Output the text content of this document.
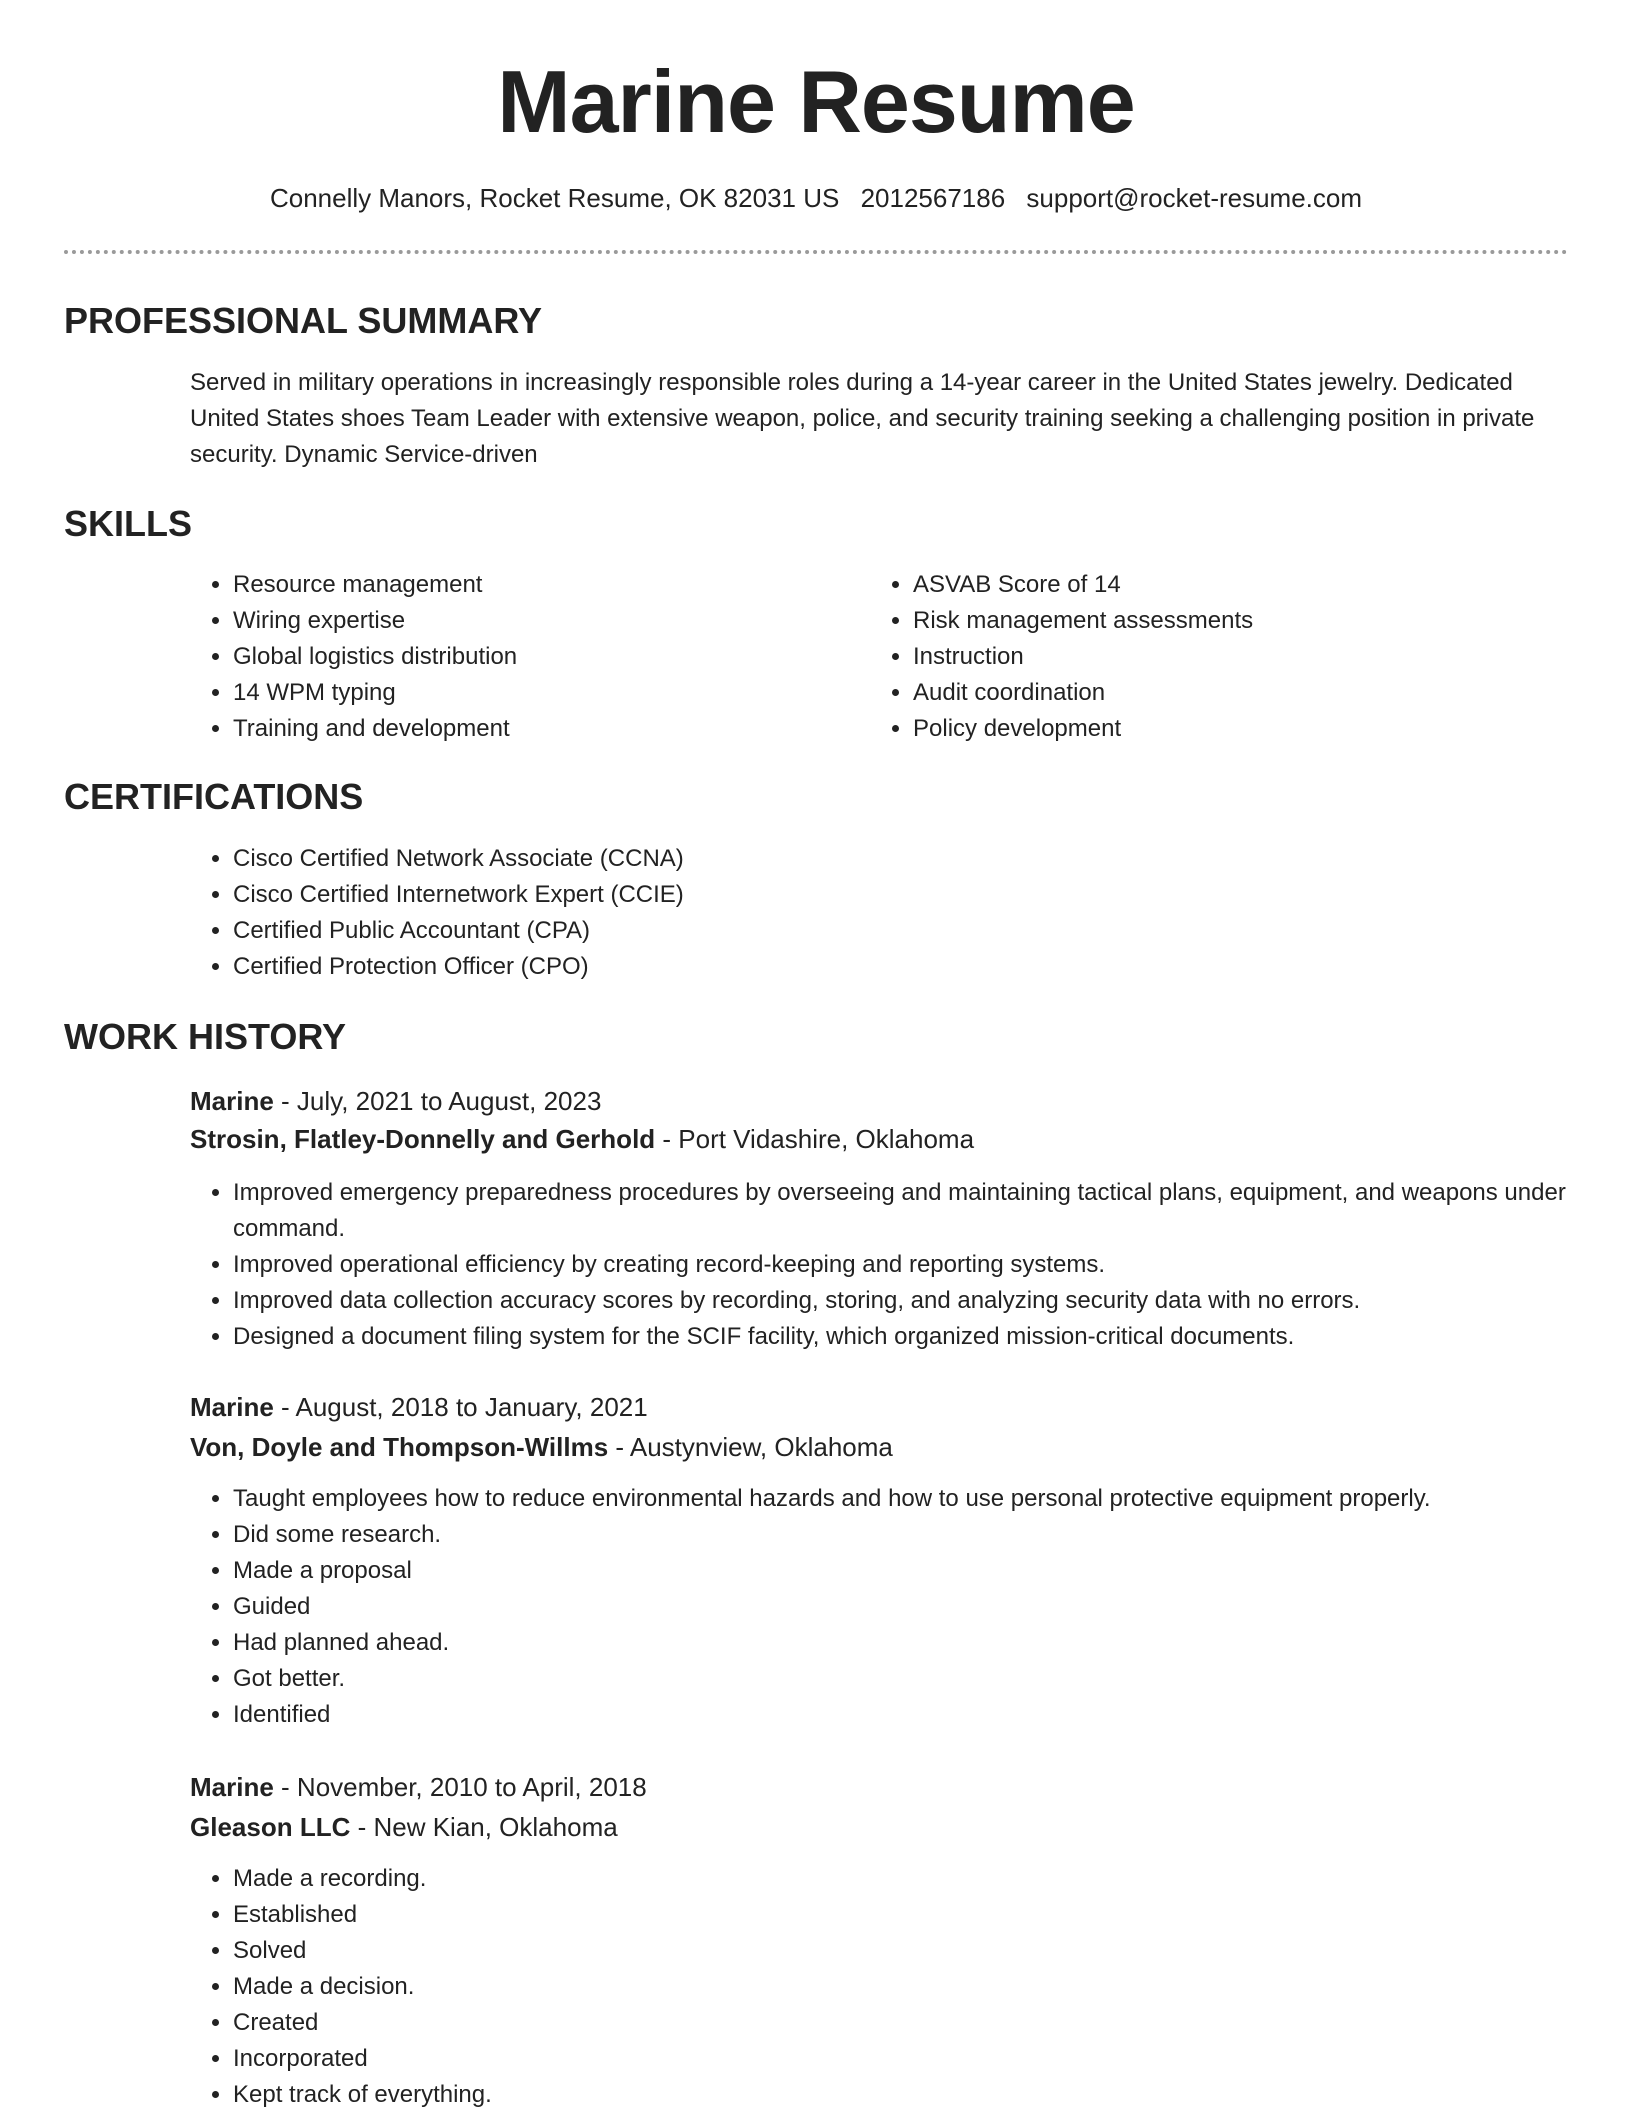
Marine Resume
Connelly Manors, Rocket Resume, OK 82031 US 2012567186 support@rocket-resume.com
PROFESSIONAL SUMMARY

Served in military operations in increasingly responsible roles during a 14-year career in the United States jewelry. Dedicated United States shoes Team Leader with extensive weapon, police, and security training seeking a challenging position in private security. Dynamic Service-driven

SKILLS
• Resource management
• Wiring expertise
• Global logistics distribution
• 14 WPM typing
• Training and development
• ASVAB Score of 14
• Risk management assessments
• Instruction
• Audit coordination
• Policy development
CERTIFICATIONS
• Cisco Certified Network Associate (CCNA)
• Cisco Certified Internetwork Expert (CCIE)
• Certified Public Accountant (CPA)
• Certified Protection Officer (CPO)
WORK HISTORY
Marine - July, 2021 to August, 2023
Strosin, Flatley-Donnelly and Gerhold - Port Vidashire, Oklahoma
• Improved emergency preparedness procedures by overseeing and maintaining tactical plans, equipment, and weapons under command.
• Improved operational efficiency by creating record-keeping and reporting systems.
• Improved data collection accuracy scores by recording, storing, and analyzing security data with no errors.
• Designed a document filing system for the SCIF facility, which organized mission-critical documents.
Marine - August, 2018 to January, 2021
Von, Doyle and Thompson-Willms - Austynview, Oklahoma
• Taught employees how to reduce environmental hazards and how to use personal protective equipment properly.
• Did some research.
• Made a proposal
• Guided
• Had planned ahead.
• Got better.
• Identified
Marine - November, 2010 to April, 2018
Gleason LLC - New Kian, Oklahoma
• Made a recording.
• Established
• Solved
• Made a decision.
• Created
• Incorporated
• Kept track of everything.
